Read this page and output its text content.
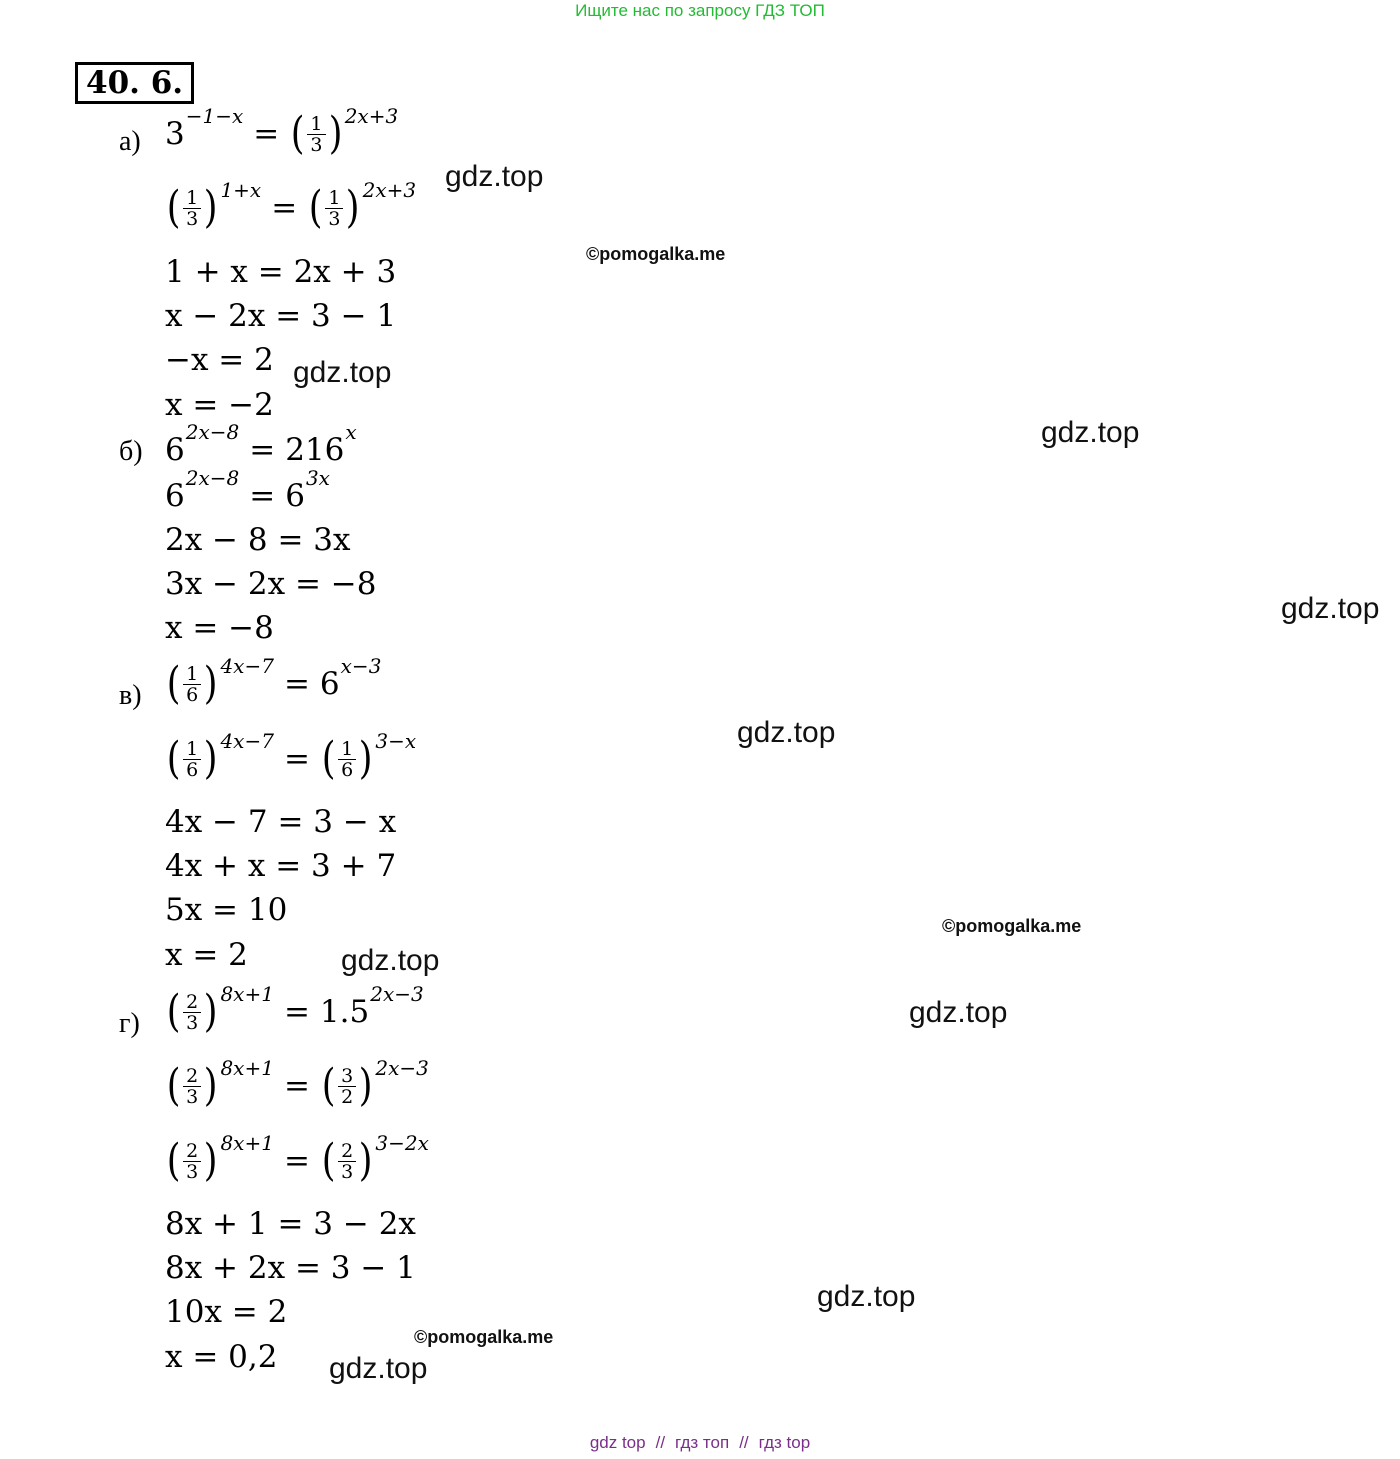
Ищите нас по запросу ГДЗ ТОП
40. 6.
а) 3 −1−x = ( $\frac{1}{3}$ ) 2x+3
( $\frac{1}{3}$ ) 1+x = ( $\frac{1}{3}$ ) 2x+3
1 + x = 2x + 3
x − 2x = 3 − 1
−x = 2
x = −2
б) 6 2x−8 = 216 x
6 2x−8 = 6 3x
2x − 8 = 3x
3x − 2x = −8
x = −8
в) ( $\frac{1}{6}$ ) 4x−7 = 6 x−3
( $\frac{1}{6}$ ) 4x−7 = ( $\frac{1}{6}$ ) 3−x
4x − 7 = 3 − x
4x + x = 3 + 7
5x = 10
x = 2
г) ( $\frac{2}{3}$ ) 8x+1 = 1.5 2x−3
( $\frac{2}{3}$ ) 8x+1 = ( $\frac{3}{2}$ ) 2x−3
( $\frac{2}{3}$ ) 8x+1 = ( $\frac{2}{3}$ ) 3−2x
8x + 1 = 3 − 2x
8x + 2x = 3 − 1
10x = 2
x = 0,2
gdz.top
gdz.top
gdz.top
gdz.top
gdz.top
gdz.top
gdz.top
gdz.top
gdz.top
©pomogalka.me
©pomogalka.me
©pomogalka.me
gdz top // гдз топ // гдз top
